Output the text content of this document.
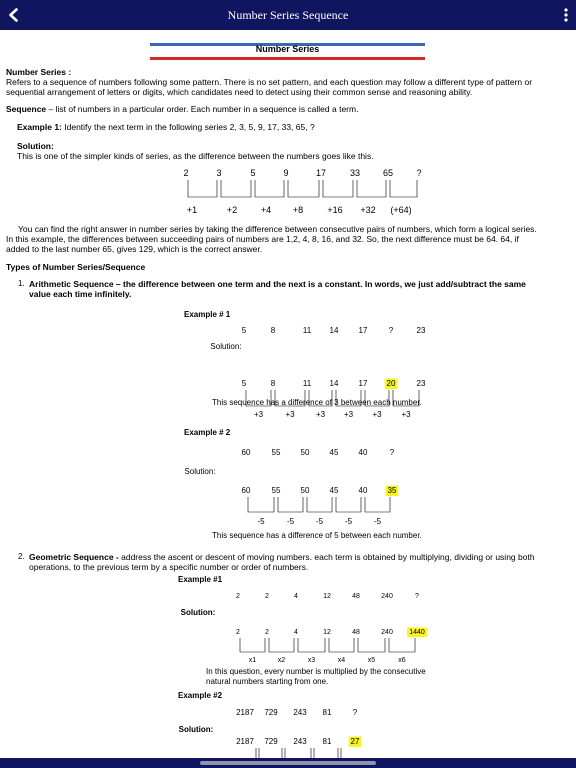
Number Series Sequence
Number Series
Number Series :
Refers to a sequence of numbers following some pattern. There is no set pattern, and each question may follow a different type of pattern or
sequential arrangement of letters or digits, which candidates need to detect using their common sense and reasoning ability.
Sequence – list of numbers in a particular order. Each number in a sequence is called a term.
Example 1: Identify the next term in the following series 2, 3, 5, 9, 17, 33, 65, ?
Solution:
This is one of the simpler kinds of series, as the difference between the numbers goes like this.
2	3	5	9	17	33	65	?
+1	+2	+4 +8	+16 +32 (+64)
You can find the right answer in number series by taking the difference between consecutive pairs of numbers, which form a logical series.
In this example, the differences between succeeding pairs of numbers are 1,2, 4, 8, 16, and 32. So, the next difference must be 64. 64, if
added to the last number 65, gives 129, which is the correct answer.
Types of Number Series/Sequence
1. Arithmetic Sequence – the difference between one term and the next is a constant. In words, we just add/subtract the same
value each time infinitely.
Example # 1
5	8	11 14	17	?	23
Solution:
5	8	11 14	17 20	23
+3	+3	+3 +3 +3 +3
This sequence has a difference of 3 between each number.
Example # 2
60	55	50	45	40	?
Solution:
60	55	50	45	40	35
-5	-5	-5	-5	-5
This sequence has a difference of 5 between each number.
2. Geometric Sequence - address the ascent or descent of moving numbers. each term is obtained by multiplying, dividing or using both
operations, to the previous term by a specific number or order of numbers.
Example #1
2	2	4	12	48	240	?
Solution:
2	2	4	12	48	240 1440
x1	x2	x3	x4	x5	x6
In this question, every number is multiplied by the consecutive
natural numbers starting from one.
Example #2
2187 729 243 81	?
Solution:
2187 729 243 81 27
